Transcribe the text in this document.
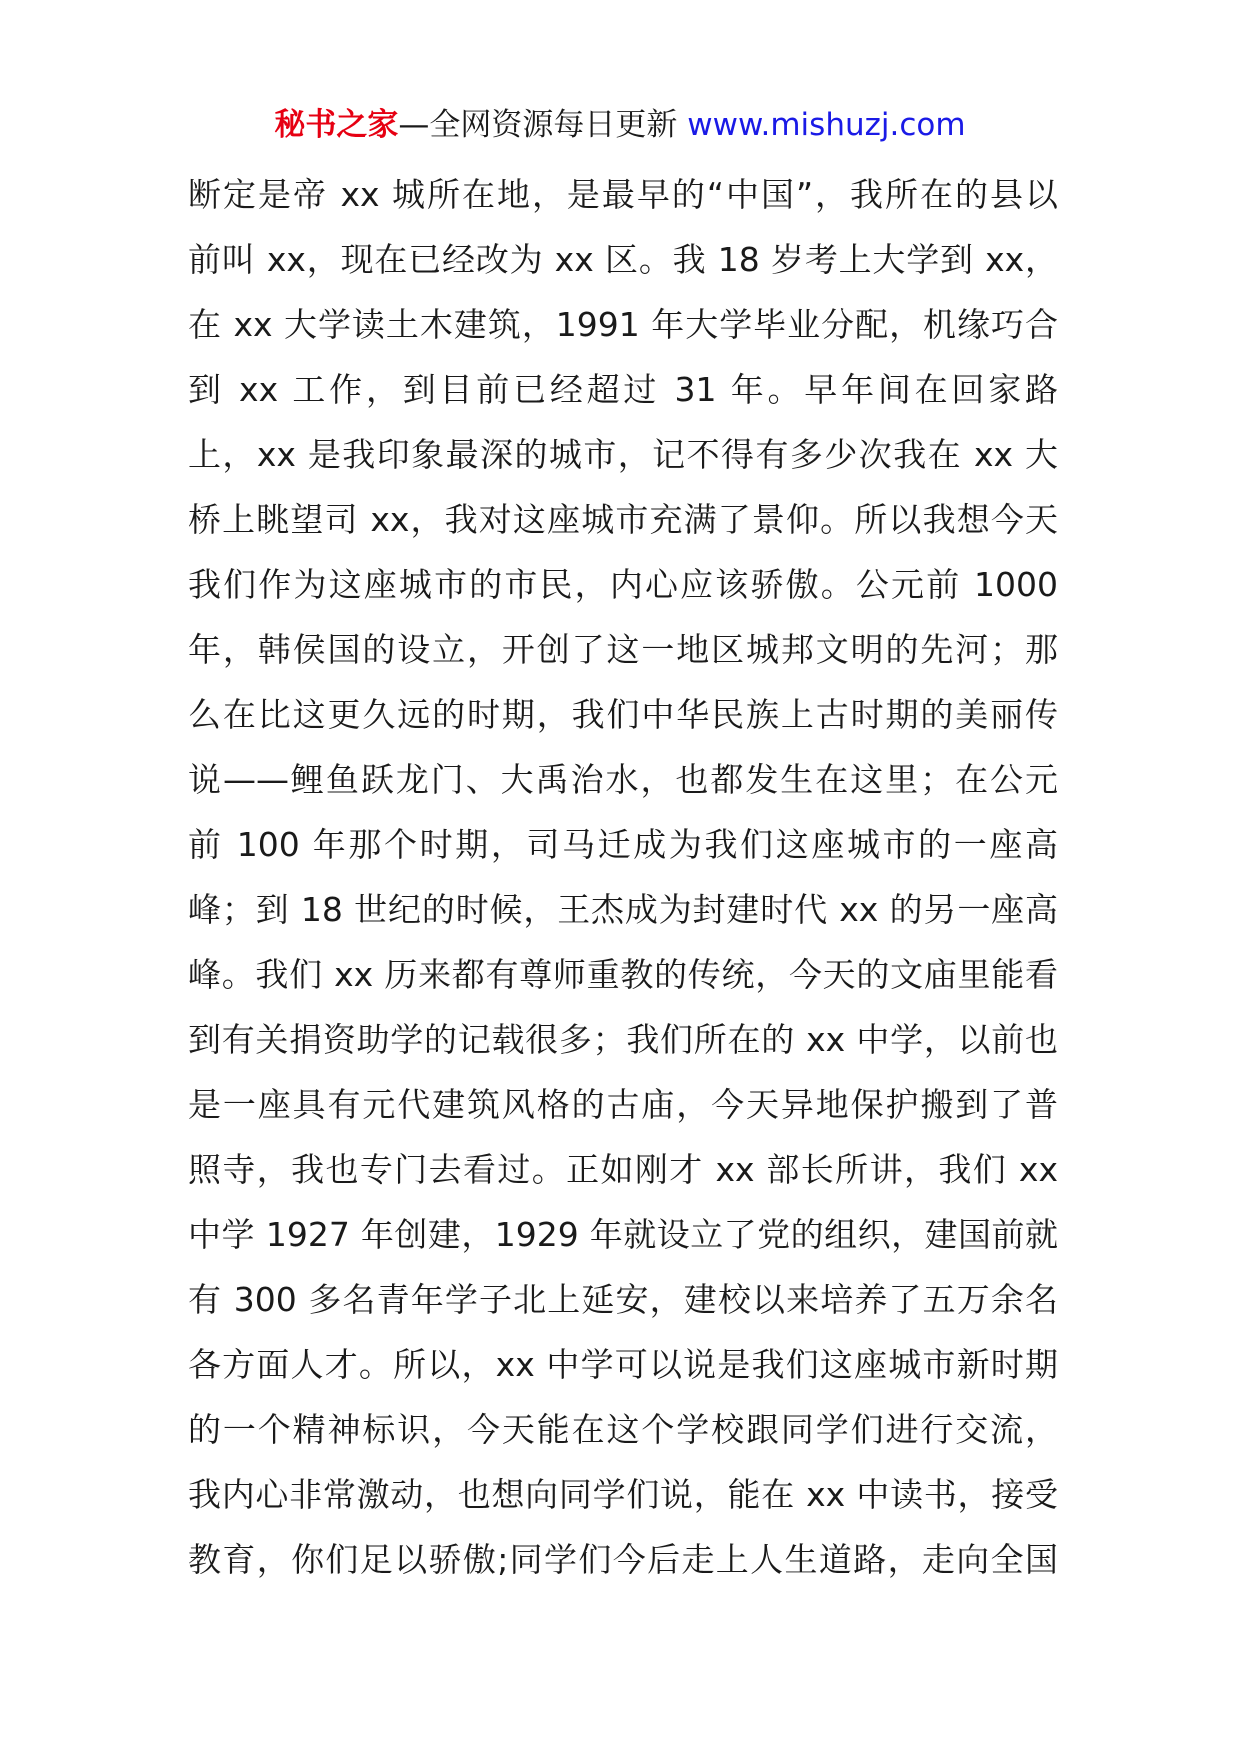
秘书之家—全网资源每日更新 www.mishuzj.com
断定是帝 xx 城所在地，是最早的“中国”，我所在的县以
前叫 xx，现在已经改为 xx 区。我 18 岁考上大学到 xx，
在 xx 大学读土木建筑，1991 年大学毕业分配，机缘巧合
到 xx 工作，到目前已经超过 31 年。早年间在回家路
上，xx 是我印象最深的城市，记不得有多少次我在 xx 大
桥上眺望司 xx，我对这座城市充满了景仰。所以我想今天
我们作为这座城市的市民，内心应该骄傲。公元前 1000
年，韩侯国的设立，开创了这一地区城邦文明的先河；那
么在比这更久远的时期，我们中华民族上古时期的美丽传
说——鲤鱼跃龙门、大禹治水，也都发生在这里；在公元
前 100 年那个时期，司马迁成为我们这座城市的一座高
峰；到 18 世纪的时候，王杰成为封建时代 xx 的另一座高
峰。我们 xx 历来都有尊师重教的传统，今天的文庙里能看
到有关捐资助学的记载很多；我们所在的 xx 中学，以前也
是一座具有元代建筑风格的古庙，今天异地保护搬到了普
照寺，我也专门去看过。正如刚才 xx 部长所讲，我们 xx
中学 1927 年创建，1929 年就设立了党的组织，建国前就
有 300 多名青年学子北上延安，建校以来培养了五万余名
各方面人才。所以，xx 中学可以说是我们这座城市新时期
的一个精神标识，今天能在这个学校跟同学们进行交流，
我内心非常激动，也想向同学们说，能在 xx 中读书，接受
教育，你们足以骄傲;同学们今后走上人生道路，走向全国
